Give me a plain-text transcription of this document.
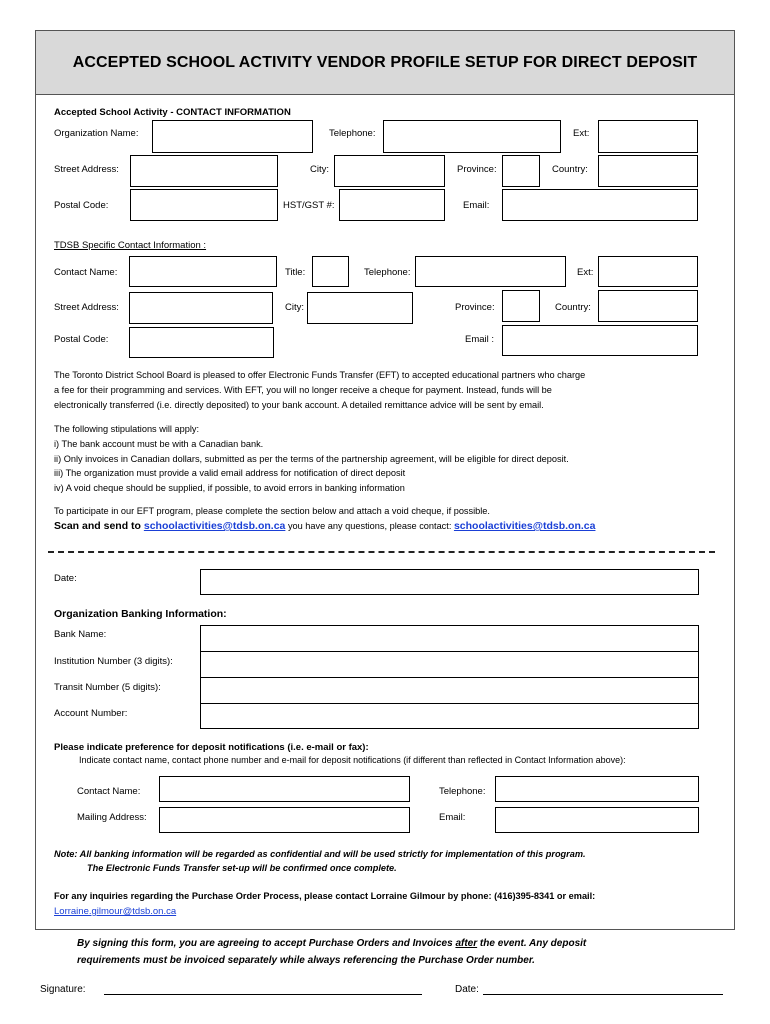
ACCEPTED SCHOOL ACTIVITY VENDOR PROFILE SETUP FOR DIRECT DEPOSIT
Accepted School Activity - CONTACT INFORMATION
Organization Name:	Telephone:	Ext:
Street Address:	City:	Province:	Country:
Postal Code:	HST/GST #:	Email:
TDSB Specific Contact Information :
Contact Name:	Title:	Telephone:	Ext:
Street Address:	City:	Province:	Country:
Postal Code:	Email :
The Toronto District School Board is pleased to offer Electronic Funds Transfer (EFT) to accepted educational partners who charge
a fee for their programming and services. With EFT, you will no longer receive a cheque for payment. Instead, funds will be
electronically transferred (i.e. directly deposited) to your bank account. A detailed remittance advice will be sent by email.
The following stipulations will apply:
i) The bank account must be with a Canadian bank.
ii) Only invoices in Canadian dollars, submitted as per the terms of the partnership agreement, will be eligible for direct deposit.
iii) The organization must provide a valid email address for notification of direct deposit
iv) A void cheque should be supplied, if possible, to avoid errors in banking information
To participate in our EFT program, please complete the section below and attach a void cheque, if possible.
Scan and send to schoolactivities@tdsb.on.ca you have any questions, please contact: schoolactivities@tdsb.on.ca
Date:
Organization Banking Information:
Bank Name:
Institution Number (3 digits):
Transit Number (5 digits):
Account Number:
Please indicate preference for deposit notifications (i.e. e-mail or fax):
Indicate contact name, contact phone number and e-mail for deposit notifications (if different than reflected in Contact Information above):
Contact Name:	Telephone:
Mailing Address:	Email:
Note: All banking information will be regarded as confidential and will be used strictly for implementation of this program.
The Electronic Funds Transfer set-up will be confirmed once complete.
For any inquiries regarding the Purchase Order Process, please contact Lorraine Gilmour by phone: (416)395-8341 or email:
Lorraine.gilmour@tdsb.on.ca
By signing this form, you are agreeing to accept Purchase Orders and Invoices after the event. Any deposit
requirements must be invoiced separately while always referencing the Purchase Order number.
Signature:	Date:
